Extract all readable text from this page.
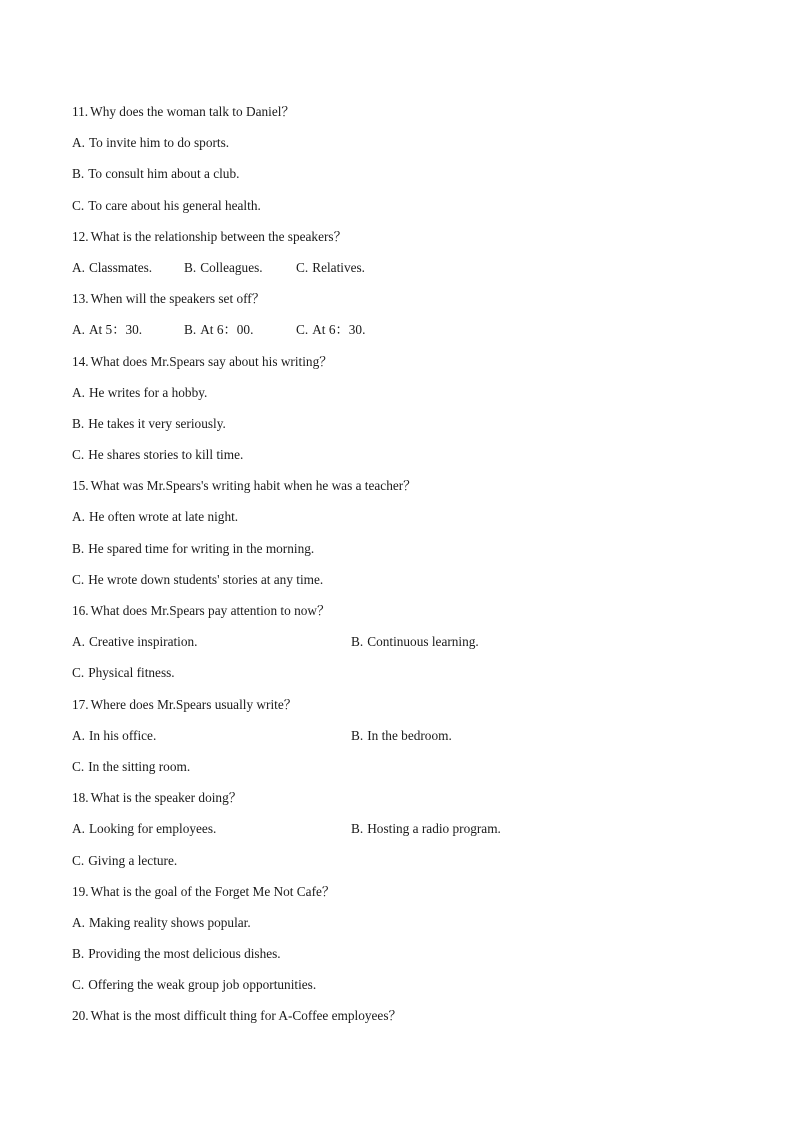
11. Why does the woman talk to Daniel？
A. To invite him to do sports.
B. To consult him about a club.
C. To care about his general health.
12. What is the relationship between the speakers？
A. Classmates.	B. Colleagues.	C. Relatives.
13. When will the speakers set off？
A. At 5：30.	B. At 6：00.	C. At 6：30.
14. What does Mr.Spears say about his writing？
A. He writes for a hobby.
B. He takes it very seriously.
C. He shares stories to kill time.
15. What was Mr.Spears's writing habit when he was a teacher？
A. He often wrote at late night.
B. He spared time for writing in the morning.
C. He wrote down students' stories at any time.
16. What does Mr.Spears pay attention to now？
A. Creative inspiration.	B. Continuous learning.
C. Physical fitness.
17. Where does Mr.Spears usually write？
A. In his office.	B. In the bedroom.
C. In the sitting room.
18. What is the speaker doing？
A. Looking for employees.	B. Hosting a radio program.
C. Giving a lecture.
19. What is the goal of the Forget Me Not Cafe？
A. Making reality shows popular.
B. Providing the most delicious dishes.
C. Offering the weak group job opportunities.
20. What is the most difficult thing for A-Coffee employees？
